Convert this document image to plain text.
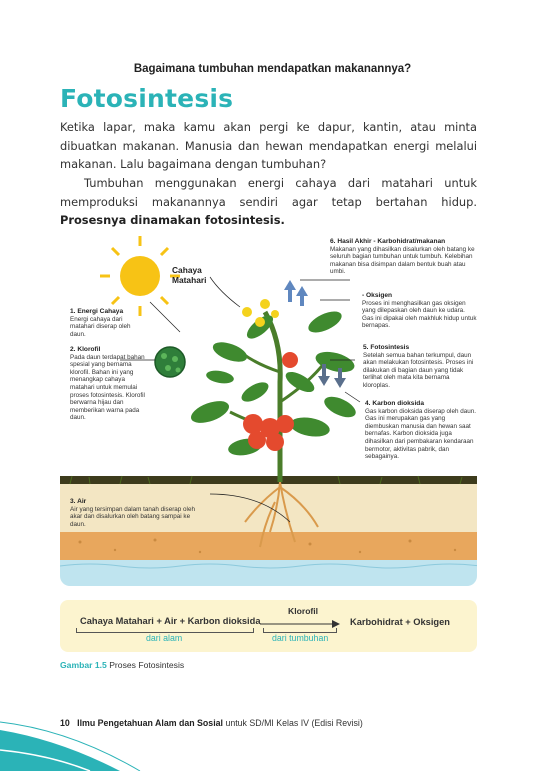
Bagaimana tumbuhan mendapatkan makanannya?
Fotosintesis

Ketika lapar, maka kamu akan pergi ke dapur, kantin, atau minta dibuatkan makanan. Manusia dan hewan mendapatkan energi melalui makanan. Lalu bagaimana dengan tumbuhan?

Tumbuhan menggunakan energi cahaya dari matahari untuk memproduksi makanannya sendiri agar tetap bertahan hidup. Prosesnya dinamakan fotosintesis.

Cahaya Matahari
1. Energi Cahaya
Energi cahaya dari matahari diserap oleh daun.
2. Klorofil
Pada daun terdapat bahan spesial yang bernama klorofil. Bahan ini yang menangkap cahaya matahari untuk memulai proses fotosintesis. Klorofil berwarna hijau dan memberikan warna pada daun.
3. Air
Air yang tersimpan dalam tanah diserap oleh akar dan disalurkan oleh batang sampai ke daun.
4. Karbon dioksida
Gas karbon dioksida diserap oleh daun. Gas ini merupakan gas yang diembuskan manusia dan hewan saat bernafas. Karbon dioksida juga dihasilkan dari pembakaran kendaraan bermotor, aktivitas pabrik, dan sebagainya.
5. Fotosintesis
Setelah semua bahan terkumpul, daun akan melakukan fotosintesis. Proses ini dilakukan di bagian daun yang tidak terlihat oleh mata kita bernama kloroplas.
6. Hasil Akhir - Karbohidrat/makanan
Makanan yang dihasilkan disalurkan oleh batang ke seluruh bagian tumbuhan untuk tumbuh. Kelebihan makanan bisa disimpan dalam bentuk buah atau umbi.
- Oksigen
Proses ini menghasilkan gas oksigen yang dilepaskan oleh daun ke udara. Gas ini dipakai oleh makhluk hidup untuk bernapas.
Cahaya Matahari + Air + Karbon dioksida
dari alam
Klorofil
dari tumbuhan
Karbohidrat + Oksigen
Gambar 1.5 Proses Fotosintesis
10 Ilmu Pengetahuan Alam dan Sosial untuk SD/MI Kelas IV (Edisi Revisi)
